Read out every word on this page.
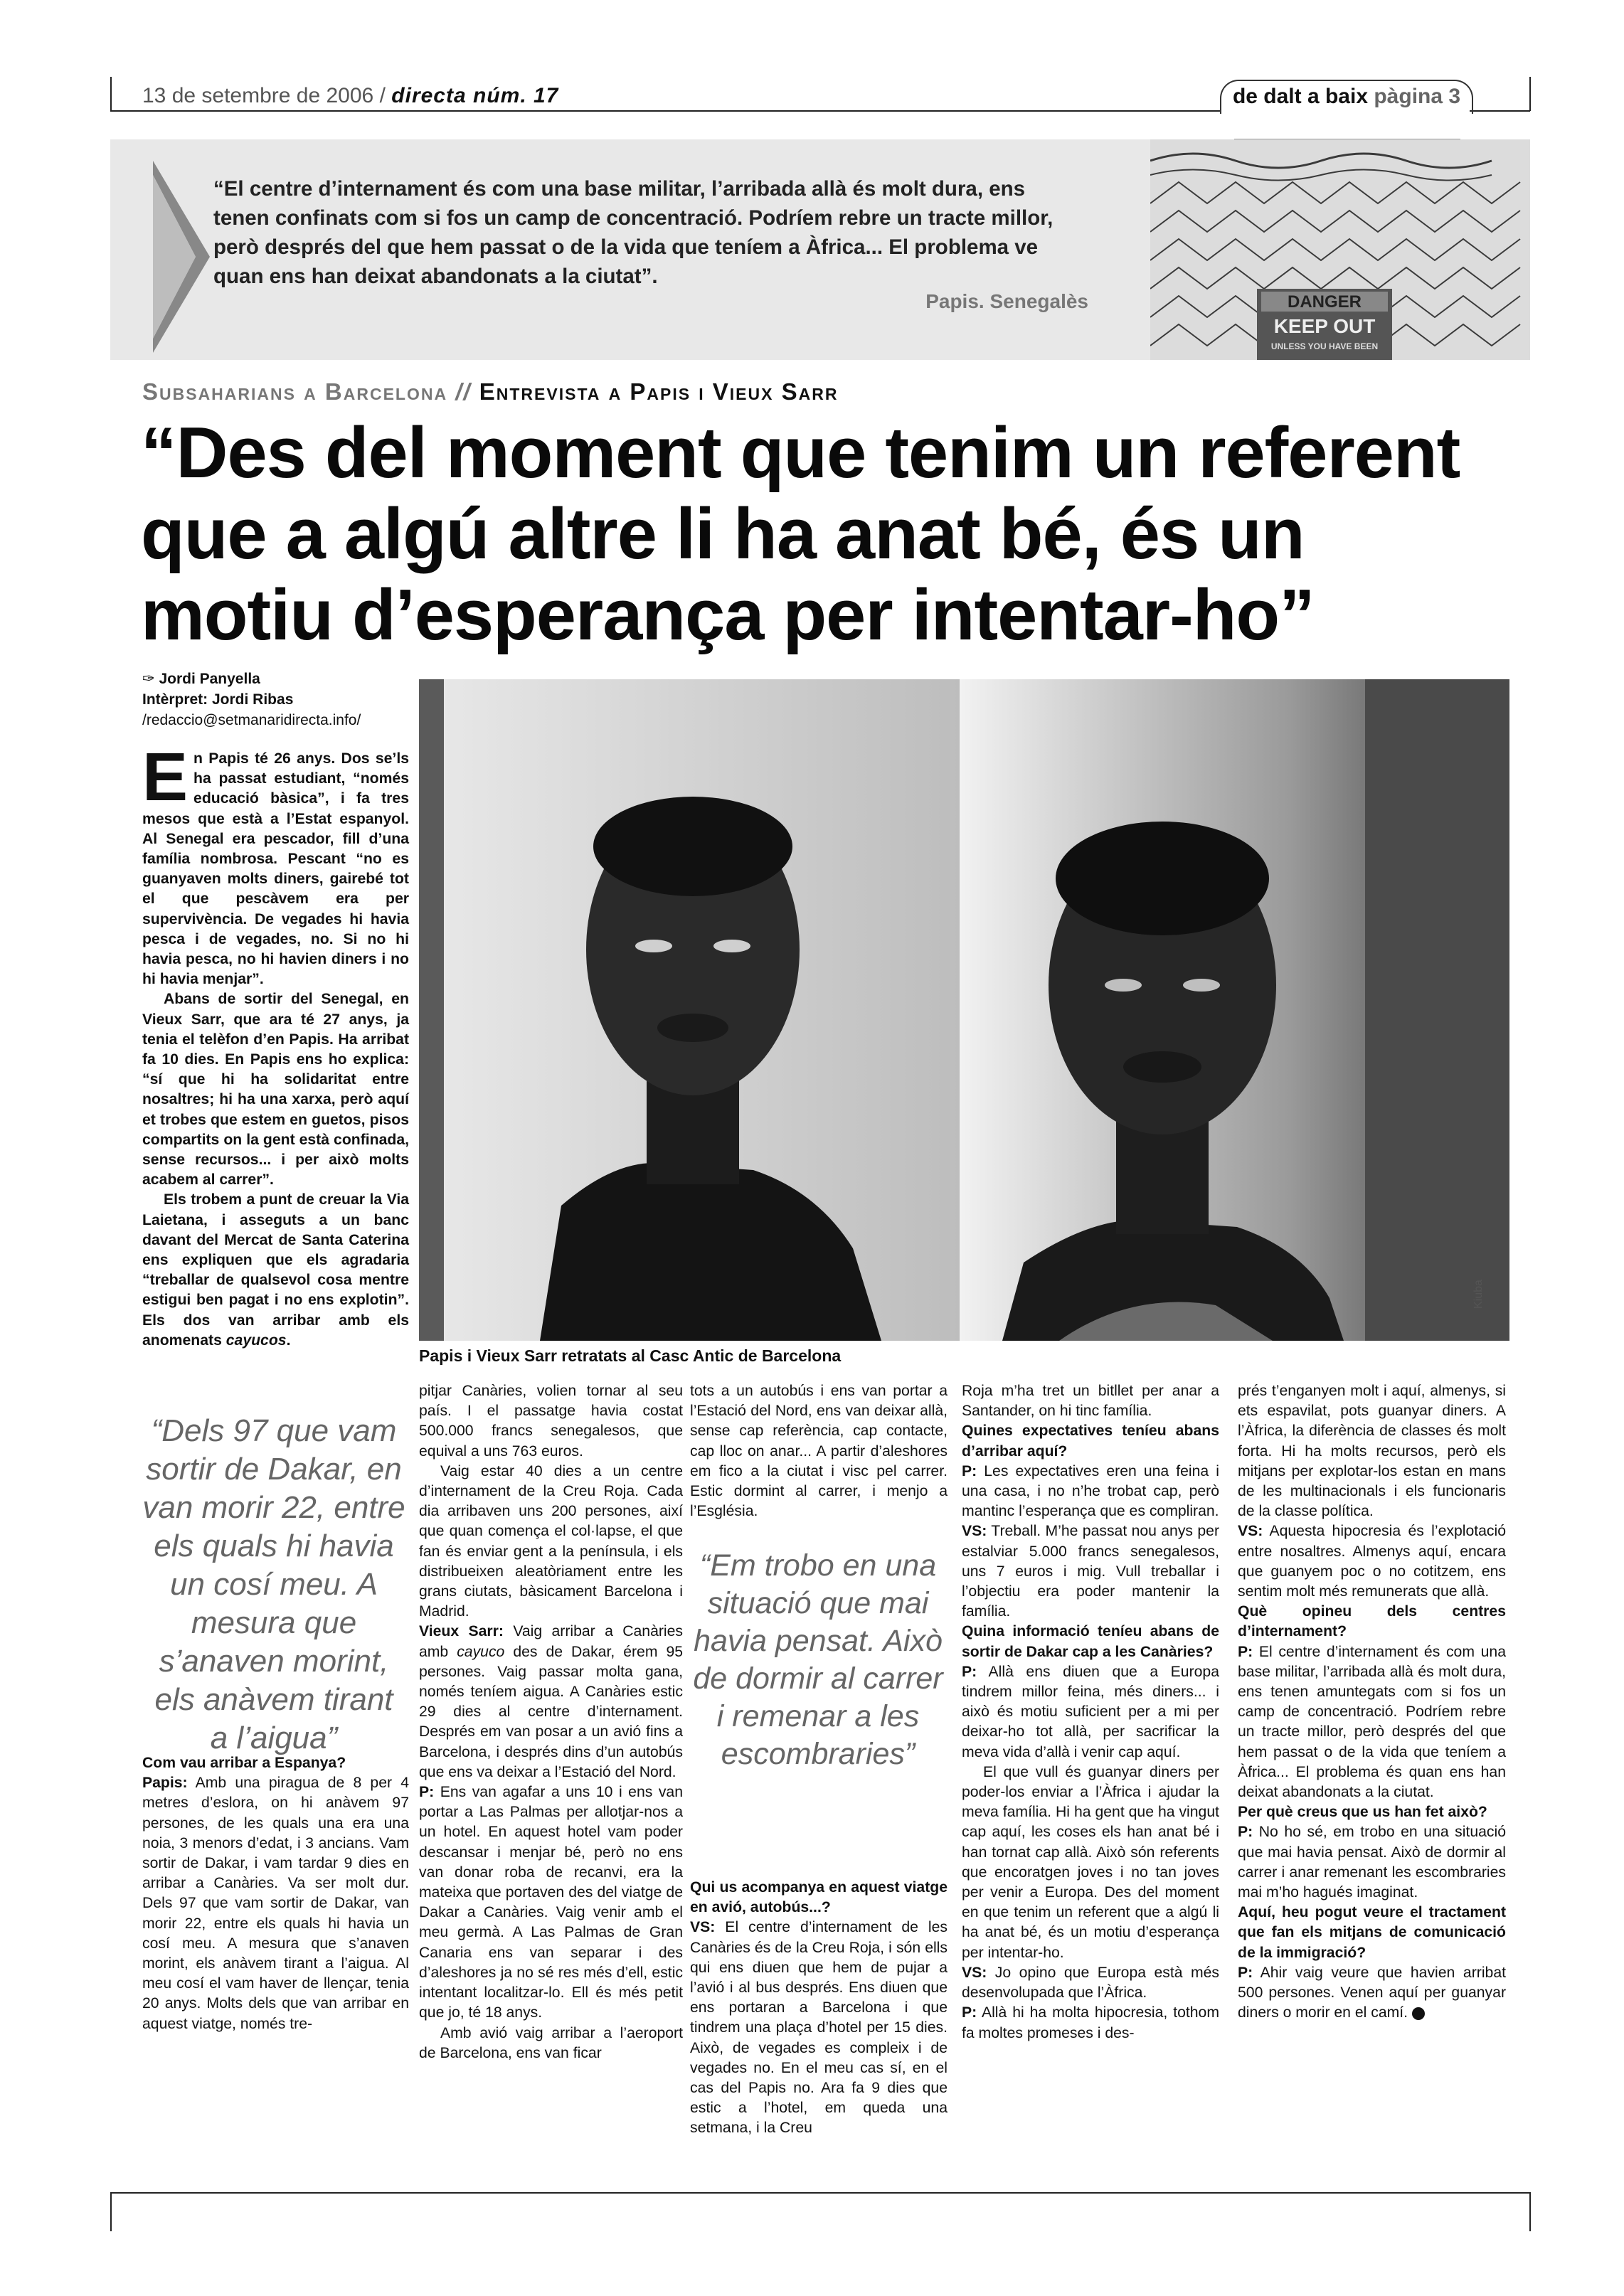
13 de setembre de 2006 / directa núm. 17	de dalt a baix pàgina 3
“El centre d’internament és com una base militar, l’arribada allà és molt dura, ens tenen confinats com si fos un camp de concentració. Podríem rebre un tracte millor, però després del que hem passat o de la vida que teníem a Àfrica... El problema ve quan ens han deixat abandonats a la ciutat”.
Papis. Senegalès	DANGER
KEEP OUT
UNLESS YOU HAVE BEEN
Subsaharians a Barcelona // Entrevista a Papis i Vieux Sarr
“Des del moment que tenim un referent que a algú altre li ha anat bé, és un motiu d’esperança per intentar-ho”
✑ Jordi Panyella
Intèrpret: Jordi Ribas
/redaccio@setmanaridirecta.info/

En Papis té 26 anys. Dos se’ls ha passat estudiant, “només educació bàsica”, i fa tres mesos que està a l’Estat espanyol. Al Senegal era pescador, fill d’una família nombrosa. Pescant “no es guanyaven molts diners, gairebé tot el que pescàvem era per supervivència. De vegades hi havia pesca i de vegades, no. Si no hi havia pesca, no hi havien diners i no hi havia menjar”.

Abans de sortir del Senegal, en Vieux Sarr, que ara té 27 anys, ja tenia el telèfon d’en Papis. Ha arribat fa 10 dies. En Papis ens ho explica: “sí que hi ha solidaritat entre nosaltres; hi ha una xarxa, però aquí et trobes que estem en guetos, pisos compartits on la gent està confinada, sense recursos... i per això molts acabem al carrer”.

Els trobem a punt de creuar la Via Laietana, i asseguts a un banc davant del Mercat de Santa Caterina ens expliquen que els agradaria “treballar de qualsevol cosa mentre estigui ben pagat i no ens explotin”. Els dos van arribar amb els anomenats cayucos.

Papis i Vieux Sarr retratats al Casc Antic de Barcelona
Kiuba
“Dels 97 que vam sortir de Dakar, en van morir 22, entre els quals hi havia un cosí meu. A mesura que s’anaven morint, els anàvem tirant a l’aigua”
“Em trobo en una situació que mai havia pensat. Això de dormir al carrer i remenar a les escombraries”

Com vau arribar a Espanya?

Papis: Amb una piragua de 8 per 4 metres d’eslora, on hi anàvem 97 persones, de les quals una era una noia, 3 menors d’edat, i 3 ancians. Vam sortir de Dakar, i vam tardar 9 dies en arribar a Canàries. Va ser molt dur. Dels 97 que vam sortir de Dakar, van morir 22, entre els quals hi havia un cosí meu. A mesura que s’anaven morint, els anàvem tirant a l’aigua. Al meu cosí el vam haver de llençar, tenia 20 anys. Molts dels que van arribar en aquest viatge, només tre-

pitjar Canàries, volien tornar al seu país. I el passatge havia costat 500.000 francs senegalesos, que equival a uns 763 euros.

Vaig estar 40 dies a un centre d’internament de la Creu Roja. Cada dia arribaven uns 200 persones, així que quan comença el col·lapse, el que fan és enviar gent a la península, i els distribueixen aleatòriament entre les grans ciutats, bàsicament Barcelona i Madrid.

Vieux Sarr: Vaig arribar a Canàries amb cayuco des de Dakar, érem 95 persones. Vaig passar molta gana, només teníem aigua. A Canàries estic 29 dies al centre d’internament. Després em van posar a un avió fins a Barcelona, i després dins d’un autobús que ens va deixar a l’Estació del Nord.

P: Ens van agafar a uns 10 i ens van portar a Las Palmas per allotjar-nos a un hotel. En aquest hotel vam poder descansar i menjar bé, però no ens van donar roba de recanvi, era la mateixa que portaven des del viatge de Dakar a Canàries. Vaig venir amb el meu germà. A Las Palmas de Gran Canaria ens van separar i des d’aleshores ja no sé res més d’ell, estic intentant localitzar-lo. Ell és més petit que jo, té 18 anys.

Amb avió vaig arribar a l’aeroport de Barcelona, ens van ficar

tots a un autobús i ens van portar a l’Estació del Nord, ens van deixar allà, sense cap referència, cap contacte, cap lloc on anar... A partir d’aleshores em fico a la ciutat i visc pel carrer. Estic dormint al carrer, i menjo a l’Església.

Qui us acompanya en aquest viatge en avió, autobús...?

VS: El centre d’internament de les Canàries és de la Creu Roja, i són ells qui ens diuen que hem de pujar a l’avió i al bus després. Ens diuen que ens portaran a Barcelona i que tindrem una plaça d’hotel per 15 dies. Això, de vegades es compleix i de vegades no. En el meu cas sí, en el cas del Papis no. Ara fa 9 dies que estic a l’hotel, em queda una setmana, i la Creu

Roja m’ha tret un bitllet per anar a Santander, on hi tinc família.

Quines expectatives teníeu abans d’arribar aquí?

P: Les expectatives eren una feina i una casa, i no n’he trobat cap, però mantinc l’esperança que es compliran.

VS: Treball. M’he passat nou anys per estalviar 5.000 francs senegalesos, uns 7 euros i mig. Vull treballar i l’objectiu era poder mantenir la família.

Quina informació teníeu abans de sortir de Dakar cap a les Canàries?

P: Allà ens diuen que a Europa tindrem millor feina, més diners... i això és motiu suficient per a mi per deixar-ho tot allà, per sacrificar la meva vida d’allà i venir cap aquí.

El que vull és guanyar diners per poder-los enviar a l’Àfrica i ajudar la meva família. Hi ha gent que ha vingut cap aquí, les coses els han anat bé i han tornat cap allà. Això són referents que encoratgen joves i no tan joves per venir a Europa. Des del moment en que tenim un referent que a algú li ha anat bé, és un motiu d’esperança per intentar-ho.

VS: Jo opino que Europa està més desenvolupada que l’Àfrica.

P: Allà hi ha molta hipocresia, tothom fa moltes promeses i des-

prés t’enganyen molt i aquí, almenys, si ets espavilat, pots guanyar diners. A l’Àfrica, la diferència de classes és molt forta. Hi ha molts recursos, però els mitjans per explotar-los estan en mans de les multinacionals i els funcionaris de la classe política.

VS: Aquesta hipocresia és l’explotació entre nosaltres. Almenys aquí, encara que guanyem poc o no cotitzem, ens sentim molt més remunerats que allà.

Què opineu dels centres d’internament?

P: El centre d’internament és com una base militar, l’arribada allà és molt dura, ens tenen amuntegats com si fos un camp de concentració. Podríem rebre un tracte millor, però després del que hem passat o de la vida que teníem a Àfrica... El problema és quan ens han deixat abandonats a la ciutat.

Per què creus que us han fet això?

P: No ho sé, em trobo en una situació que mai havia pensat. Això de dormir al carrer i anar remenant les escombraries mai m’ho hagués imaginat.

Aquí, heu pogut veure el tractament que fan els mitjans de comunicació de la immigració?

P: Ahir vaig veure que havien arribat 500 persones. Venen aquí per guanyar diners o morir en el camí.
